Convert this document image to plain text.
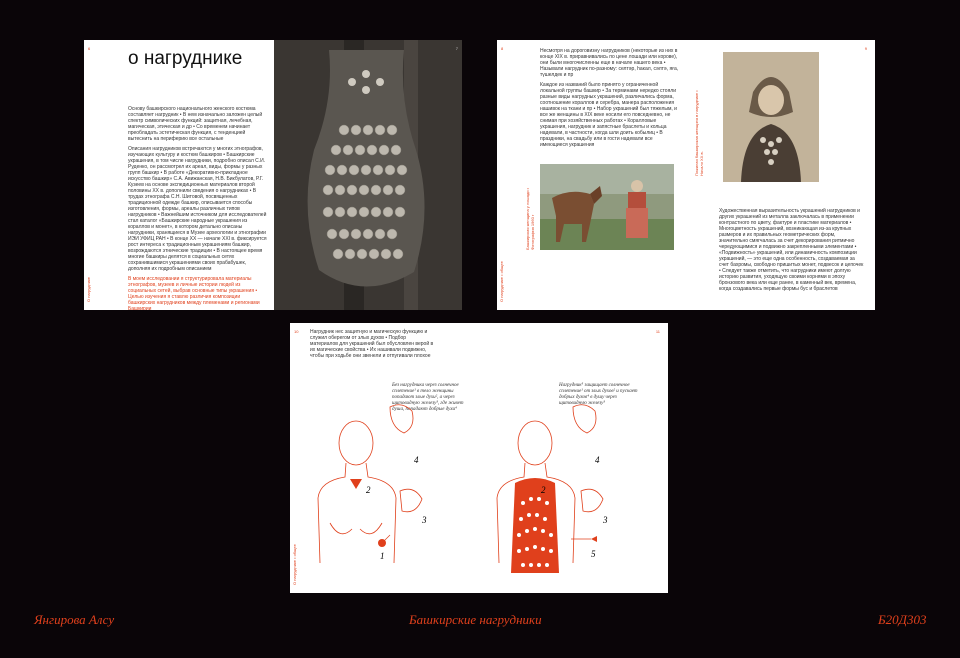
о нагруднике

Основу башкирского национального женского костюма составляет нагрудник • В нем изначально заложен целый спектр символических функций: защитная, лечебная, магическая, этическая и др • Со временем начинает преобладать эстетическая функция, с тенденцией вытеснить на периферию все остальные

Описания нагрудников встречаются у многих этнографов, изучающих культуру и костюм башкиров • Башкирские украшения, в том числе нагрудники, подробно описал С.И. Руденко, он рассмотрел их ареал, виды, формы у разных групп башкир • В работе «Декоративно-прикладное искусство башкир» С.А. Авижанская, Н.В. Бикбулатов, Р.Г. Кузеев на основе экспедиционных материалов второй половины XX в. дополнили сведения о нагрудниках • В трудах этнографа С.Н. Шитовой, посвященных традиционной одежде башкир, описывается способы изготовления, формы, ареалы различных типов нагрудников • Важнейшим источником для исследователей стал каталог «Башкирские народные украшения из кораллов и монет», в котором детально описаны нагрудники, хранящиеся в Музее археологии и этнографии ИЭИ УФИЦ РАН • В конце XX — начале XXI в. фиксируется рост интереса к традиционным украшениям башкир, возрождаются этнические традиции • В настоящее время многие башкиры делятся в социальных сетях сохранившимися украшениями своих прабабушек, дополняя их подробным описанием

В моем исследовании я структурировала материалы этнографов, музеев и личные истории людей из социальных сетей, выбрав основные типы украшения • Целью изучения я ставлю различия композиции башкирских нагрудников между племенами и регионами Башкирии

О нагруднике
6	7	Несмотря на дороговизну нагрудников (некоторые из них в конце XIX в. приравнивались по цене лошади или корове), они были многочисленны еще в начале нашего века • Называли нагрудник по-разному: селтәр, һакал, сәлтә, яға, түшелдек и пр

Каждое из названий было принято у ограниченной локальной группы башкир • За терминами нередко стояли разные виды нагрудных украшений, различались форма, соотношение кораллов и серебра, манера расположения нашивок на ткани и пр • Набор украшений был тяжелым, и все же женщины в XIX веке носили его повседневно, не снимая при хозяйственных работах • Коралловые украшения, нагрудник и запястные браслеты и кольца надевали, в частности, когда шли доить кобылиц • В праздники, на свадьбу или в гости надевали все имеющиеся украшения

Башкирская женщина у лошади • Фотография 1960 г
О нагруднике • общее
8
Пожилая башкирская женщина в нагруднике • Начало XX в.

Художественная выразительность украшений нагрудников и других украшений из металла заключалась в применении контрастного по цвету, фактуре и пластике материалов • Многоцветность украшений, возникающая из-за крупных размеров и их правильных геометрических форм, значительно смягчалась за счет декорирования ритмично чередующимися и подвижно закрепленными элементами • «Подвижность» украшений, или динамичность композиции украшений, — это еще одна особенность, создаваемая за счет бахромы, свободно пришитых монет, подвесок и цепочек • Следует также отметить, что нагрудники имеют долгую историю развития, уходящую своими корнями в эпоху бронзового века или еще ранее, в каменный век, времена, когда создавались первые формы бус и браслетов

9
Нагрудник нес защитную и магическую функцию и служил оберегом от злых духов • Подбор материалов для украшений был обусловлен верой в их магические свойства • Их нашивали подвижно, чтобы при ходьбе они звенели и отпугивали плохое
Без нагрудника через солнечное сплетение¹ в тело женщины попадают злые духи², а через щитовидную железу³, где живет душа, попадают добрые духи⁴
4
2
3
1
О нагруднике • общее
10
Нагрудник⁵ защищает солнечное сплетение¹ от злых духов² и пускает добрых духов⁴ в душу через щитовидную железу³
4
2
3
5
11
Янгирова Алсу	Башкирские нагрудники	Б20Д303
